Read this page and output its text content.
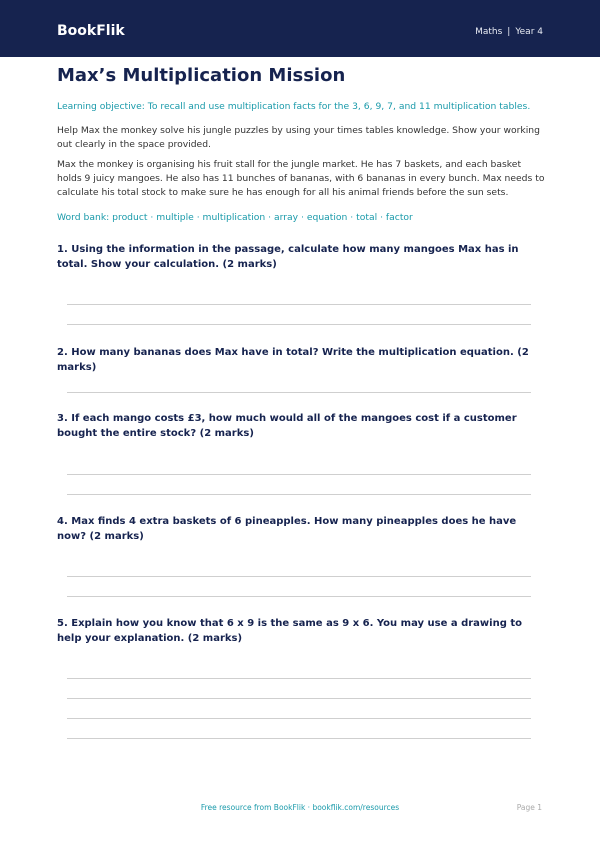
BookFlik	Maths | Year 4
Max’s Multiplication Mission

Learning objective: To recall and use multiplication facts for the 3, 6, 9, 7, and 11 multiplication tables.

Help Max the monkey solve his jungle puzzles by using your times tables knowledge. Show your working out clearly in the space provided.

Max the monkey is organising his fruit stall for the jungle market. He has 7 baskets, and each basket holds 9 juicy mangoes. He also has 11 bunches of bananas, with 6 bananas in every bunch. Max needs to calculate his total stock to make sure he has enough for all his animal friends before the sun sets.

Word bank: product · multiple · multiplication · array · equation · total · factor

1. Using the information in the passage, calculate how many mangoes Max has in total. Show your calculation. (2 marks)

2. How many bananas does Max have in total? Write the multiplication equation. (2 marks)

3. If each mango costs £3, how much would all of the mangoes cost if a customer bought the entire stock? (2 marks)

4. Max finds 4 extra baskets of 6 pineapples. How many pineapples does he have now? (2 marks)

5. Explain how you know that 6 x 9 is the same as 9 x 6. You may use a drawing to help your explanation. (2 marks)

Free resource from BookFlik · bookflik.com/resources	Page 1
